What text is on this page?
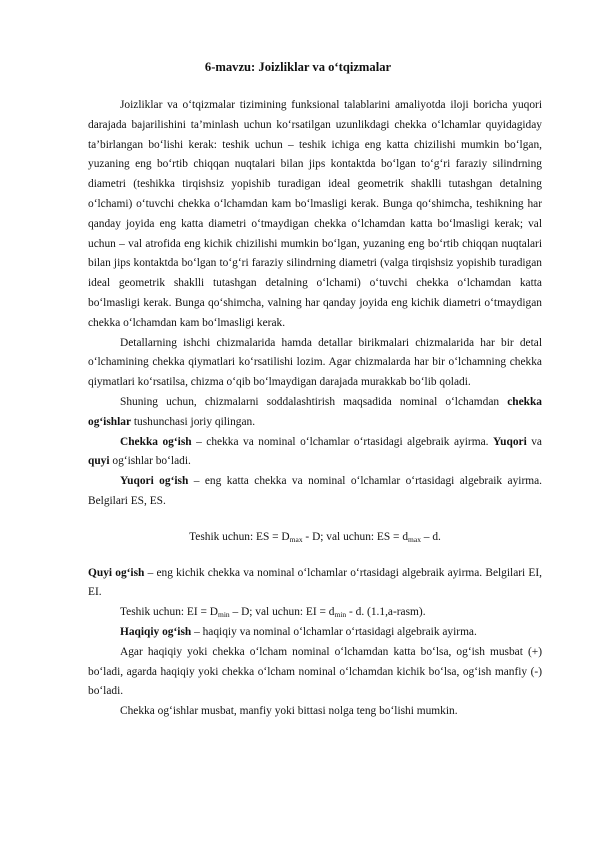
6-mavzu: Joizliklar va o‘tqizmalar

Joizliklar va o‘tqizmalar tizimining funksional talablarini amaliyotda iloji boricha yuqori darajada bajarilishini ta’minlash uchun ko‘rsatilgan uzunlikdagi chekka o‘lchamlar quyidagiday ta’birlangan bo‘lishi kerak: teshik uchun – teshik ichiga eng katta chizilishi mumkin bo‘lgan, yuzaning eng bo‘rtib chiqqan nuqtalari bilan jips kontaktda bo‘lgan to‘g‘ri faraziy silindrning diametri (teshikka tirqishsiz yopishib turadigan ideal geometrik shaklli tutashgan detalning o‘lchami) o‘tuvchi chekka o‘lchamdan kam bo‘lmasligi kerak. Bunga qo‘shimcha, teshikning har qanday joyida eng katta diametri o‘tmaydigan chekka o‘lchamdan katta bo‘lmasligi kerak; val uchun – val atrofida eng kichik chizilishi mumkin bo‘lgan, yuzaning eng bo‘rtib chiqqan nuqtalari bilan jips kontaktda bo‘lgan to‘g‘ri faraziy silindrning diametri (valga tirqishsiz yopishib turadigan ideal geometrik shaklli tutashgan detalning o‘lchami) o‘tuvchi chekka o‘lchamdan katta bo‘lmasligi kerak. Bunga qo‘shimcha, valning har qanday joyida eng kichik diametri o‘tmaydigan chekka o‘lchamdan kam bo‘lmasligi kerak.

Detallarning ishchi chizmalarida hamda detallar birikmalari chizmalarida har bir detal o‘lchamining chekka qiymatlari ko‘rsatilishi lozim. Agar chizmalarda har bir o‘lchamning chekka qiymatlari ko‘rsatilsa, chizma o‘qib bo‘lmaydigan darajada murakkab bo‘lib qoladi.

Shuning uchun, chizmalarni soddalashtirish maqsadida nominal o‘lchamdan chekka og‘ishlar tushunchasi joriy qilingan.

Chekka og‘ish – chekka va nominal o‘lchamlar o‘rtasidagi algebraik ayirma. Yuqori va quyi og‘ishlar bo‘ladi.

Yuqori og‘ish – eng katta chekka va nominal o‘lchamlar o‘rtasidagi algebraik ayirma. Belgilari ES, ES.

Teshik uchun: ES = $D_{max}$ - D; val uchun: ES = $d_{max}$ – d.

Quyi og‘ish – eng kichik chekka va nominal o‘lchamlar o‘rtasidagi algebraik ayirma. Belgilari EI, EI.

Teshik uchun: EI = $D_{min}$ – D; val uchun: EI = $d_{min}$ - d. (1.1,a-rasm).

Haqiqiy og‘ish – haqiqiy va nominal o‘lchamlar o‘rtasidagi algebraik ayirma.

Agar haqiqiy yoki chekka o‘lcham nominal o‘lchamdan katta bo‘lsa, og‘ish musbat (+) bo‘ladi, agarda haqiqiy yoki chekka o‘lcham nominal o‘lchamdan kichik bo‘lsa, og‘ish manfiy (-) bo‘ladi.

Chekka og‘ishlar musbat, manfiy yoki bittasi nolga teng bo‘lishi mumkin.
